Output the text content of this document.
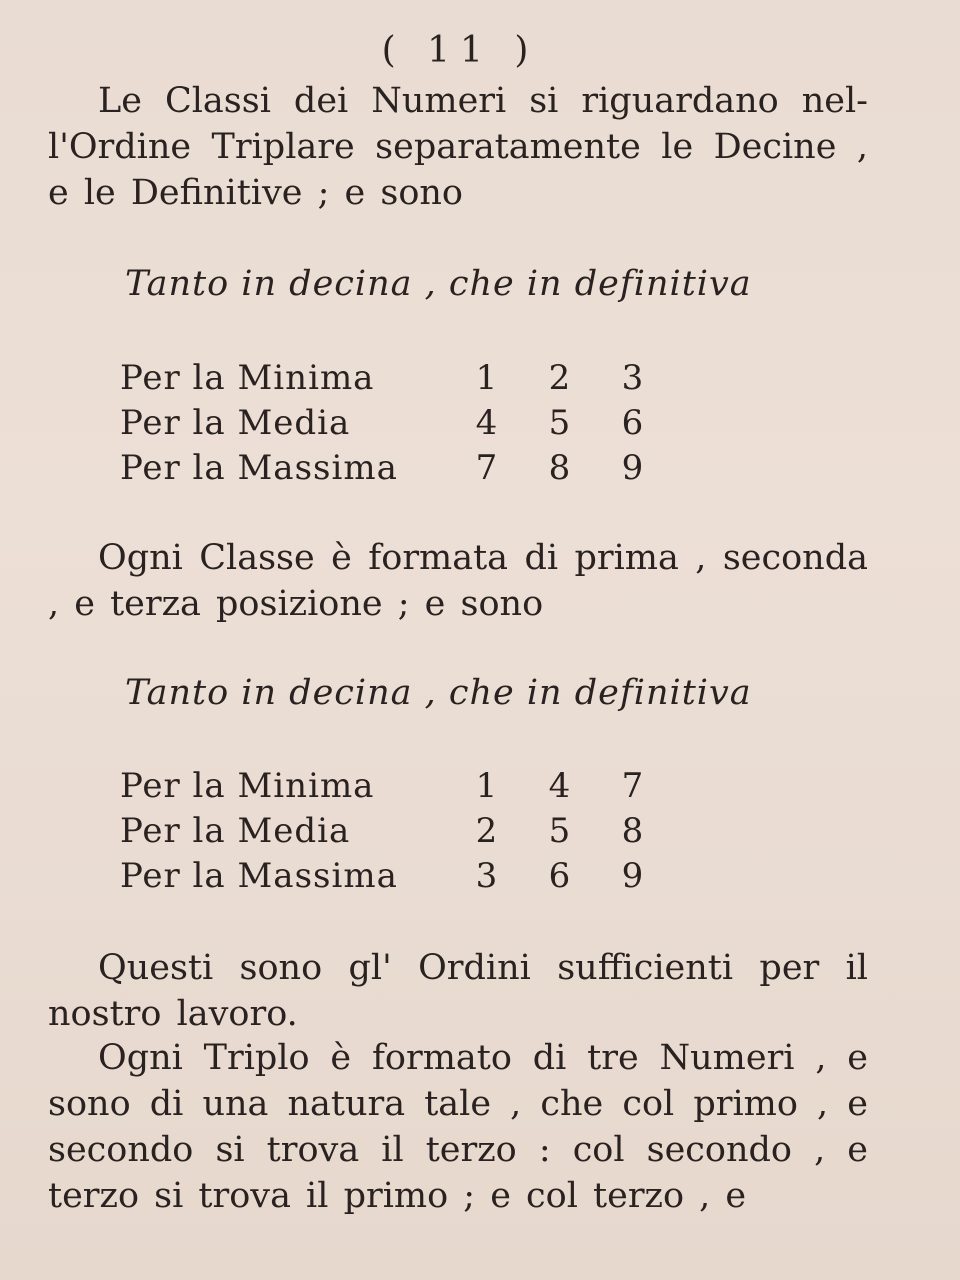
( 11 )
Le Classi dei Numeri si riguardano nell'Ordine Triplare separatamente le Decine , e le Definitive ; e sono
Tanto in decina , che in definitiva
Per la Minima	1	2	3
Per la Media	4	5	6
Per la Massima	7	8	9
Ogni Classe è formata di prima , seconda , e terza posizione ; e sono
Tanto in decina , che in definitiva
Per la Minima	1	4	7
Per la Media	2	5	8
Per la Massima	3	6	9
Questi sono gl' Ordini sufficienti per il nostro lavoro.
Ogni Triplo è formato di tre Numeri , e sono di una natura tale , che col primo , e secondo si trova il terzo : col secondo , e terzo si trova il primo ; e col terzo , e
